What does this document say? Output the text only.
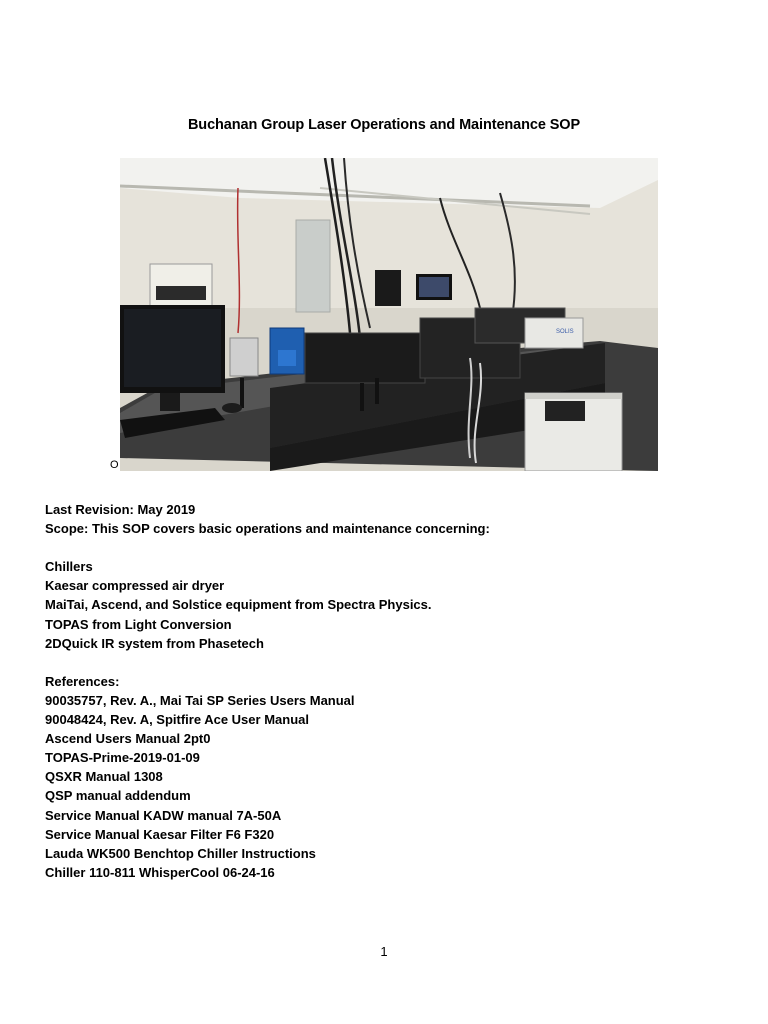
Buchanan Group Laser Operations and Maintenance SOP
SOLIS
O
Last Revision: May 2019
Scope: This SOP covers basic operations and maintenance concerning:
Chillers
Kaesar compressed air dryer
MaiTai, Ascend, and Solstice equipment from Spectra Physics.
TOPAS from Light Conversion
2DQuick IR system from Phasetech
References:
90035757, Rev. A., Mai Tai SP Series Users Manual
90048424, Rev. A, Spitfire Ace User Manual
Ascend Users Manual 2pt0
TOPAS-Prime-2019-01-09
QSXR Manual 1308
QSP manual addendum
Service Manual KADW manual 7A-50A
Service Manual Kaesar Filter F6 F320
Lauda WK500 Benchtop Chiller Instructions
Chiller 110-811 WhisperCool 06-24-16
1
